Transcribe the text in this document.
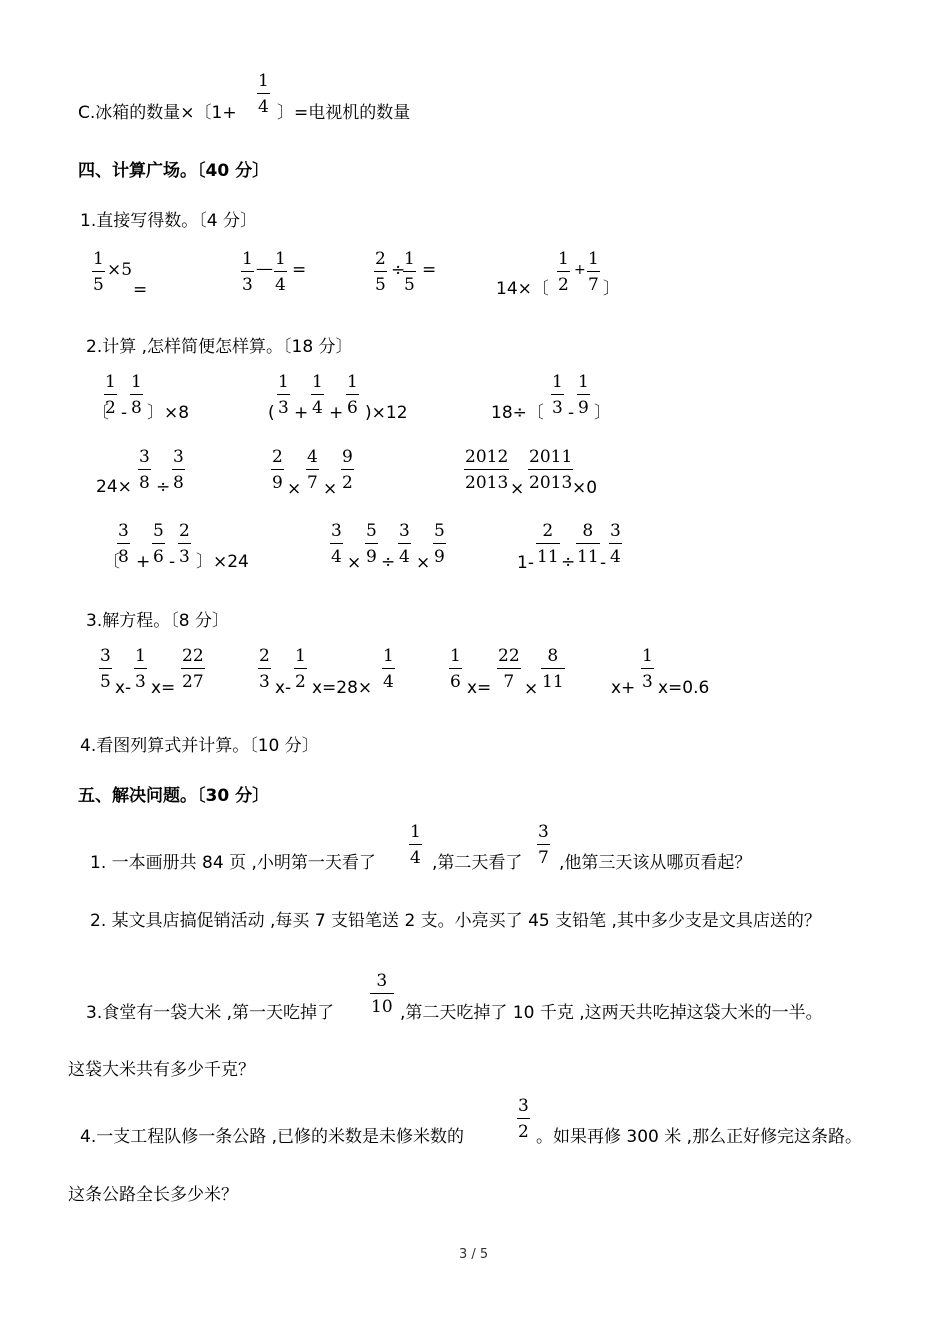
C.冰箱的数量×〔1+
1
4 〕=电视机的数量
四、计算广场。〔40 分〕
1.直接写得数。〔4 分〕
1
5
×5
=
1
3
— 1
4
=
2
5
÷
1
5
=
14×〔
1
2
+
1
7 〕
2.计算 ,怎样简便怎样算。〔18 分〕
〔
1
2 -
1
8 〕×8	(
1
3 +
1
4 +
1
6 )×12	18÷〔
1
3 -
1
9 〕
24×
3
8 ÷
3
8
2
9 ×
4
7 ×
9
2
2012
2013 ×
2011
2013 ×0
〔
3
8 +
5
6 -
2
3 〕×24
3
4 ×
5
9 ÷
3
4 ×
5
9	1-
2
11 ÷
8
11 -
3
4
3.解方程。〔8 分〕
3
5 x-
1
3 x=
22
27
2
3 x-
1
2 x=28×
1
4
1
6 x=
22
7 ×
8
11	x+
1
3 x=0.6
4.看图列算式并计算。〔10 分〕
五、解决问题。〔30 分〕
1. 一本画册共 84 页 ,小明第一天看了
1
4 ,第二天看了
3
7 ,他第三天该从哪页看起？
2. 某文具店搞促销活动 ,每买 7 支铅笔送 2 支。小亮买了 45 支铅笔 ,其中多少支是文具店送的？
3.食堂有一袋大米 ,第一天吃掉了
3
10 ,第二天吃掉了 10 千克 ,这两天共吃掉这袋大米的一半。
这袋大米共有多少千克？
4.一支工程队修一条公路 ,已修的米数是未修米数的
3
2 。如果再修 300 米 ,那么正好修完这条路。
这条公路全长多少米？
3 / 5
